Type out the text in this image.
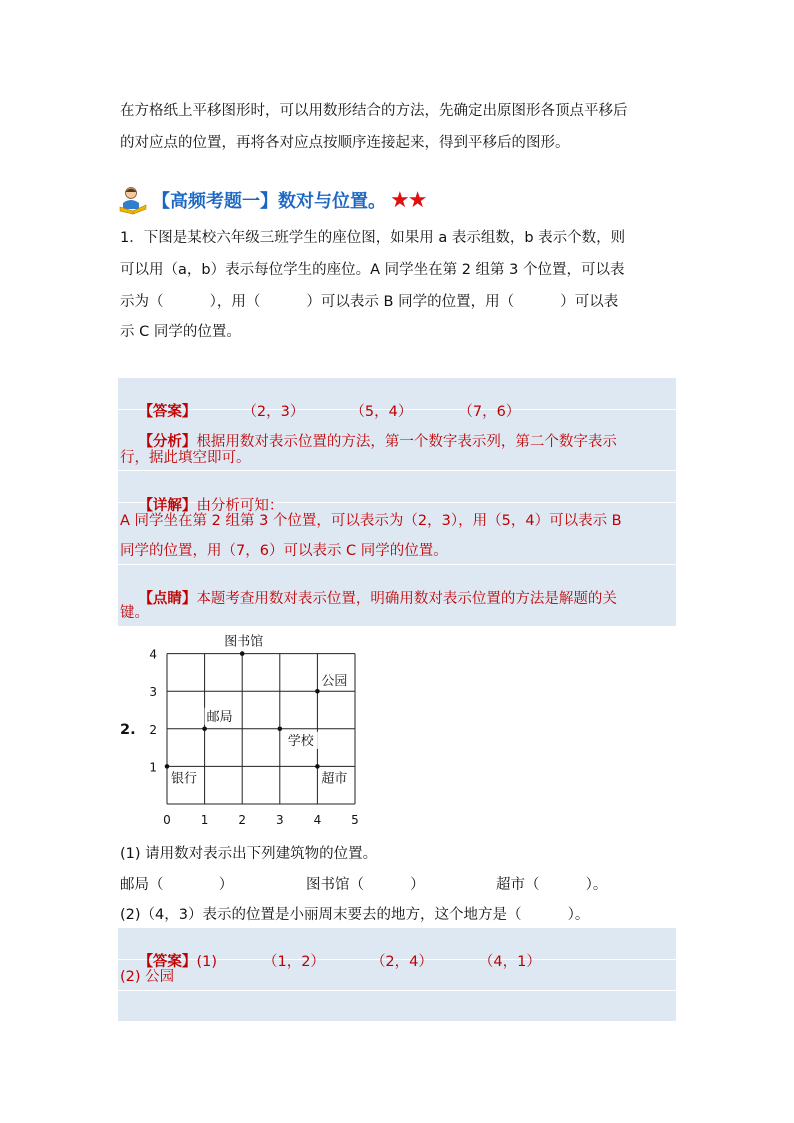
在方格纸上平移图形时，可以用数形结合的方法，先确定出原图形各顶点平移后
的对应点的位置，再将各对应点按顺序连接起来，得到平移后的图形。
【高频考题一】数对与位置。 ★★
1．下图是某校六年级三班学生的座位图，如果用 a 表示组数，b 表示个数，则
可以用（a，b）表示每位学生的座位。A 同学坐在第 2 组第 3 个位置，可以表
示为（          ），用（          ）可以表示 B 同学的位置，用（          ）可以表
示 C 同学的位置。

【答案】	（2，3）	（5，4）	（7，6）

【分析】根据用数对表示位置的方法，第一个数字表示列，第二个数字表示

行，据此填空即可。

【详解】由分析可知：

A 同学坐在第 2 组第 3 个位置，可以表示为（2，3），用（5，4）可以表示 B
同学的位置，用（7，6）可以表示 C 同学的位置。

【点睛】本题考查用数对表示位置，明确用数对表示位置的方法是解题的关

键。
2.
0 1 2 3 4 5
1
2
3
4
图书馆
公园
邮局
学校
银行	超市
(1) 请用数对表示出下列建筑物的位置。
邮局（            ）	图书馆（          ）	超市（          ）。
(2)（4，3）表示的位置是小丽周末要去的地方，这个地方是（          ）。

【答案】(1)	（1，2）	（2，4）	（4，1）

(2) 公园
